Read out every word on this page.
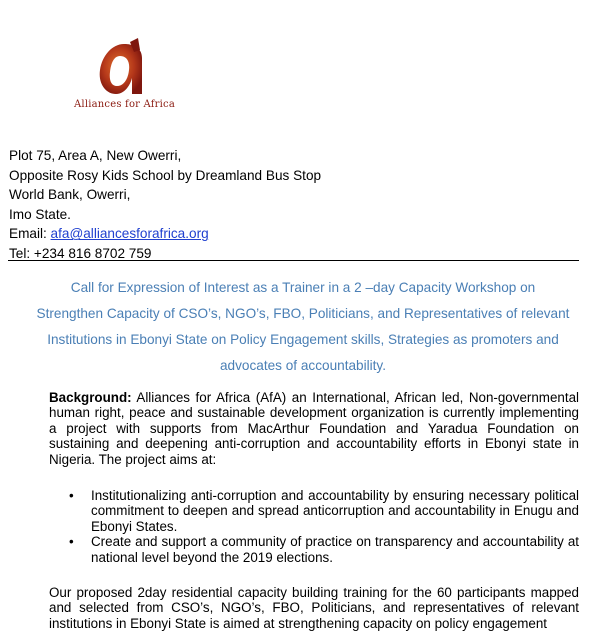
Alliances for Africa
Plot 75, Area A, New Owerri,
Opposite Rosy Kids School by Dreamland Bus Stop
World Bank, Owerri,
Imo State.
Email: afa@alliancesforafrica.org
Tel: +234 816 8702 759
Call for Expression of Interest as a Trainer in a 2 –day Capacity Workshop on
Strengthen Capacity of CSO’s, NGO’s, FBO, Politicians, and Representatives of relevant
Institutions in Ebonyi State on Policy Engagement skills, Strategies as promoters and
advocates of accountability.
Background: Alliances for Africa (AfA) an International, African led, Non-governmental human right, peace and sustainable development organization is currently implementing a project with supports from MacArthur Foundation and Yaradua Foundation on sustaining and deepening anti-corruption and accountability efforts in Ebonyi state in Nigeria. The project aims at:
• Institutionalizing anti-corruption and accountability by ensuring necessary political commitment to deepen and spread anticorruption and accountability in Enugu and Ebonyi States.
• Create and support a community of practice on transparency and accountability at national level beyond the 2019 elections.
Our proposed 2day residential capacity building training for the 60 participants mapped and selected from CSO’s, NGO’s, FBO, Politicians, and representatives of relevant institutions in Ebonyi State is aimed at strengthening capacity on policy engagement
